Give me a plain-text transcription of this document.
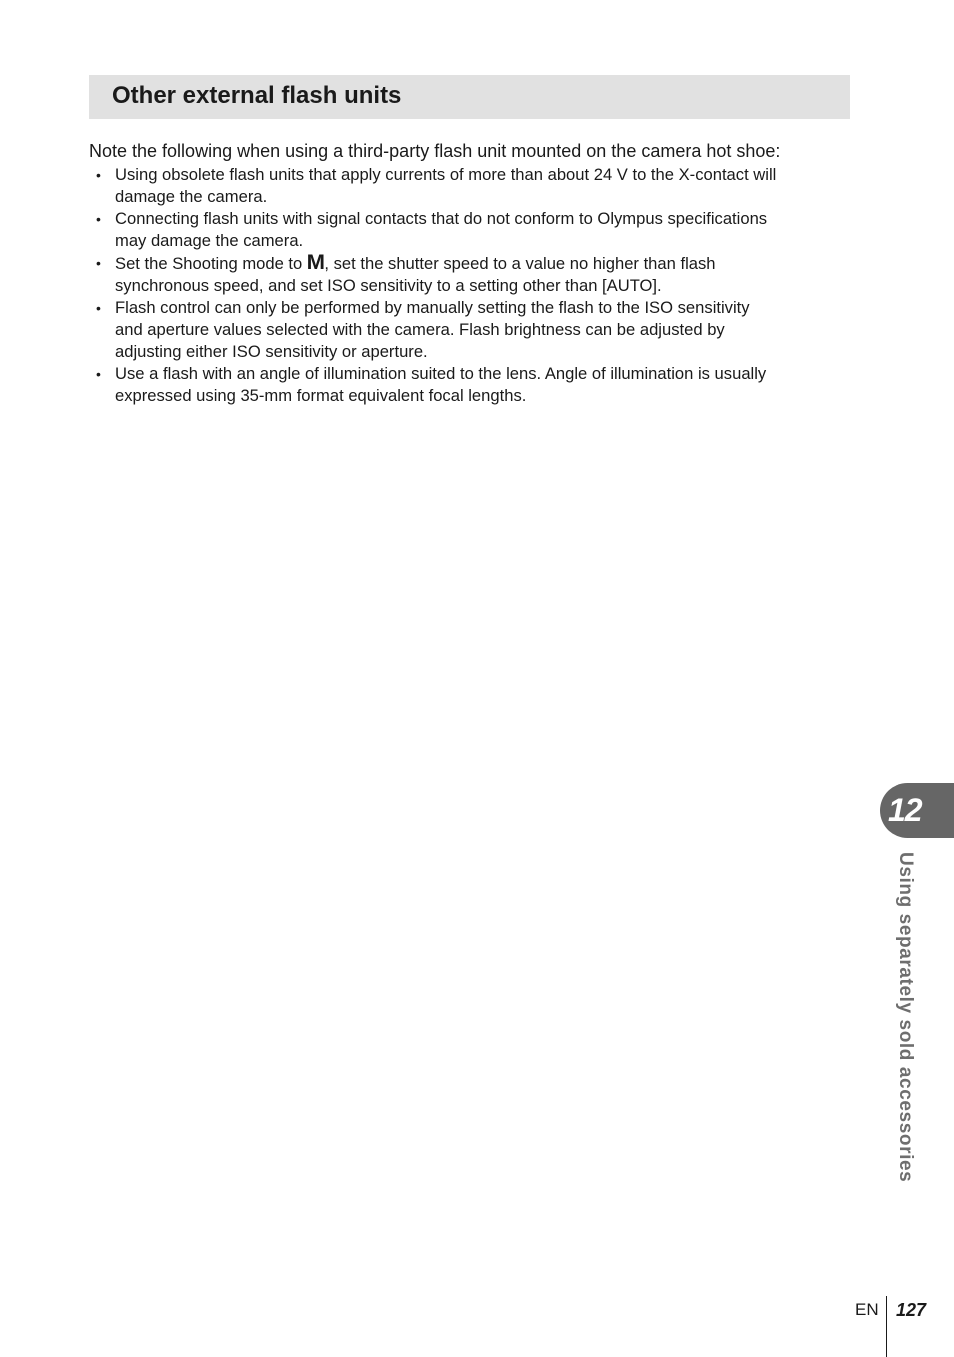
Other external flash units

Note the following when using a third-party flash unit mounted on the camera hot shoe:

• Using obsolete flash units that apply currents of more than about 24 V to the X-contact will
damage the camera.
• Connecting flash units with signal contacts that do not conform to Olympus specifications
may damage the camera.
• Set the Shooting mode to M, set the shutter speed to a value no higher than flash
synchronous speed, and set ISO sensitivity to a setting other than [AUTO].
• Flash control can only be performed by manually setting the flash to the ISO sensitivity
and aperture values selected with the camera. Flash brightness can be adjusted by
adjusting either ISO sensitivity or aperture.
• Use a flash with an angle of illumination suited to the lens. Angle of illumination is usually
expressed using 35-mm format equivalent focal lengths.
12
Using separately sold accessories
EN 127
